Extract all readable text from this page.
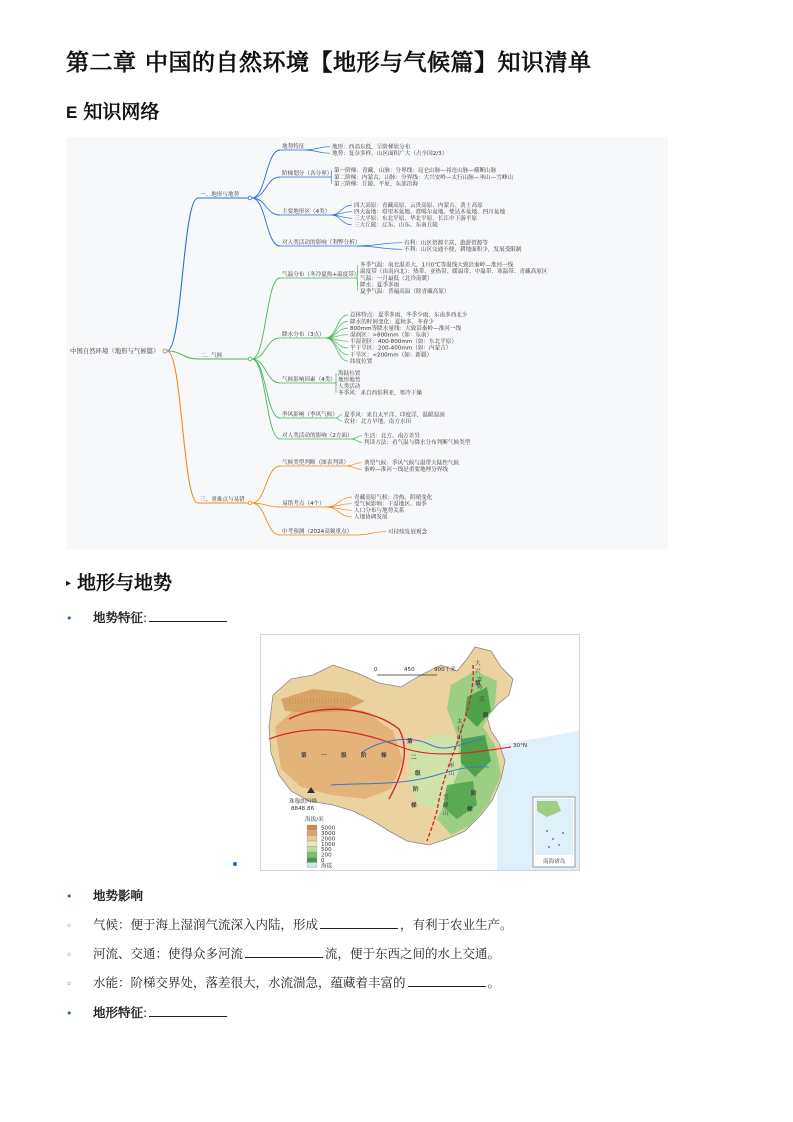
第二章 中国的自然环境【地形与气候篇】知识清单
E 知识网络
中国自然环境（地形与气候篇）
一、地形与地势
地势特征	地形：西高东低，呈阶梯状分布
地势：复杂多样，山区面积广大（占全国2/3）
阶梯划分（各分界） 第一阶梯：青藏，山脉：分界线：昆仑山脉—祁连山脉—横断山脉
第二阶梯：内蒙古，山脉：分界线：大兴安岭—太行山脉—巫山—雪峰山
第三阶梯：丘陵、平原，东部沿海
主要地形区（4类）
四大高原：青藏高原、云贵高原、内蒙古、黄土高原
四大盆地：塔里木盆地、准噶尔盆地、柴达木盆地、四川盆地
三大平原：东北平原、华北平原、长江中下游平原
三大丘陵：辽东、山东、东南丘陵
对人类活动的影响（利弊分析）	有利：山区资源丰富，旅游资源等
不利：山区交通不便，耕地面积少，发展受限制
二、气候
气温分布（冬冷夏热+温度带）
冬季气温：南北温差大，1月0℃等温线大致沿秦岭—淮河一线
温度带（由南向北）：热带、亚热带、暖温带、中温带、寒温带、青藏高原区
气温：一月最低（北冷南暖）
降水：夏季多雨
夏季气温：普遍高温（除青藏高原）
降水分布（3点）
总体特点：夏季多雨，冬季少雨，东南多西北少
降水的时间变化：夏秋多，冬春少
800mm等降水量线：大致沿秦岭—淮河一线
湿润区：>800mm（如：东南）
半湿润区：400-800mm（如：东北平原）
半干旱区：200-400mm（如：内蒙古）
干旱区：<200mm（如：新疆）
纬度位置
气候影响因素（4类）
海陆位置
地形地势
人类活动
冬季风：来自西伯利亚，寒冷干燥
季风影响（季风气候） 夏季风：来自太平洋、印度洋，温暖湿润
农业：北方旱地，南方水田
对人类活动的影响（2方面） 生活：北方、南方差异
判读方法：看气温与降水分布判断气候类型
三、重难点与易错
气候类型判断（图表判读）	典型气候：季风气候与温带大陆性气候
秦岭—淮河一线是重要地理分界线
易错考点（4个）
青藏高原气候：冷热、阴晴变化
受气候影响：干湿地区、雨季
人口分布与地势关系
人地协调发展
中考预测（2024高频重点）	可持续发展观念
▸ 地形与地势
•	地势特征 :
0	450	900千米
第	一	级	阶	梯
第
二
级
阶
梯
第
三
级
阶
梯
大
兴
安
岭
太
行
山
巫
山
雪
峰
山
30°N
珠穆朗玛峰
8848.86
海拔/米
5000
3000
2000
1000
500
200
0
海拔
南海诸岛
•	地势影响
◦	气候：便于海上湿润气流深入内陆，形成	，有利于农业生产。
◦	河流、交通：使得众多河流	流，便于东西之间的水上交通。
◦	水能：阶梯交界处，落差很大，水流湍急，蕴藏着丰富的	。
•	地形特征 :
